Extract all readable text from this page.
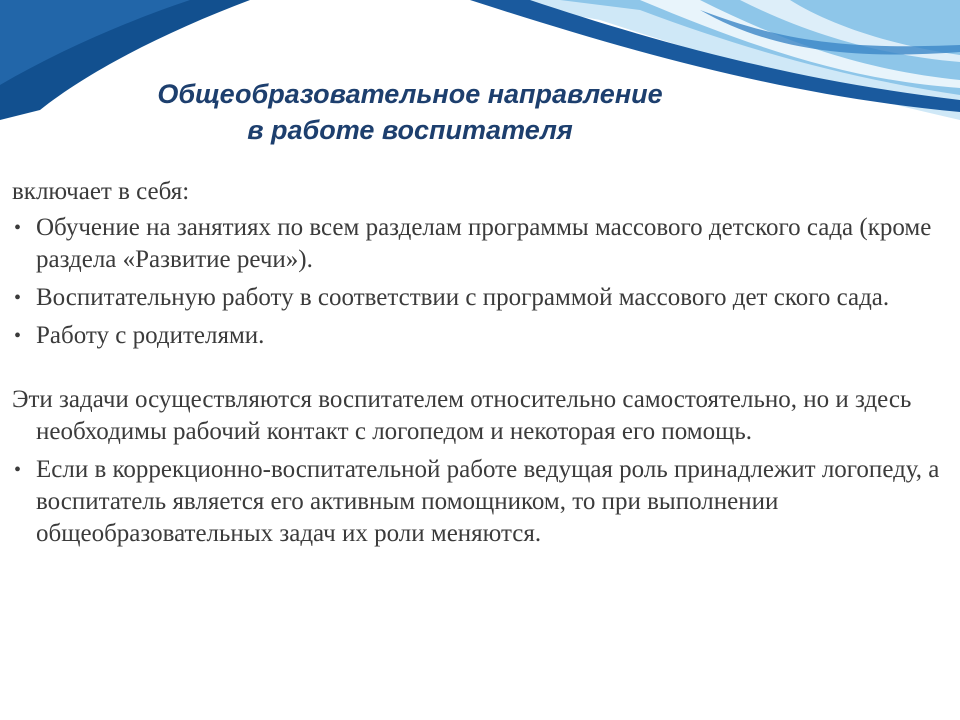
Общеобразовательное направление
в работе воспитателя

включает в себя:

• Обучение на занятиях по всем разделам программы массового детского сада (кроме раздела «Развитие речи»).
• Воспитательную работу в соответствии с программой массового дет ского сада.
• Работу с родителями.

Эти задачи осуществляются воспитателем относительно самостоятельно, но и здесь необходимы рабочий контакт с логопедом и некоторая его помощь.

• Если в коррекционно-воспитательной работе ведущая роль принадлежит логопеду, а воспитатель является его активным помощником, то при выполнении общеобразовательных задач их роли меняются.
